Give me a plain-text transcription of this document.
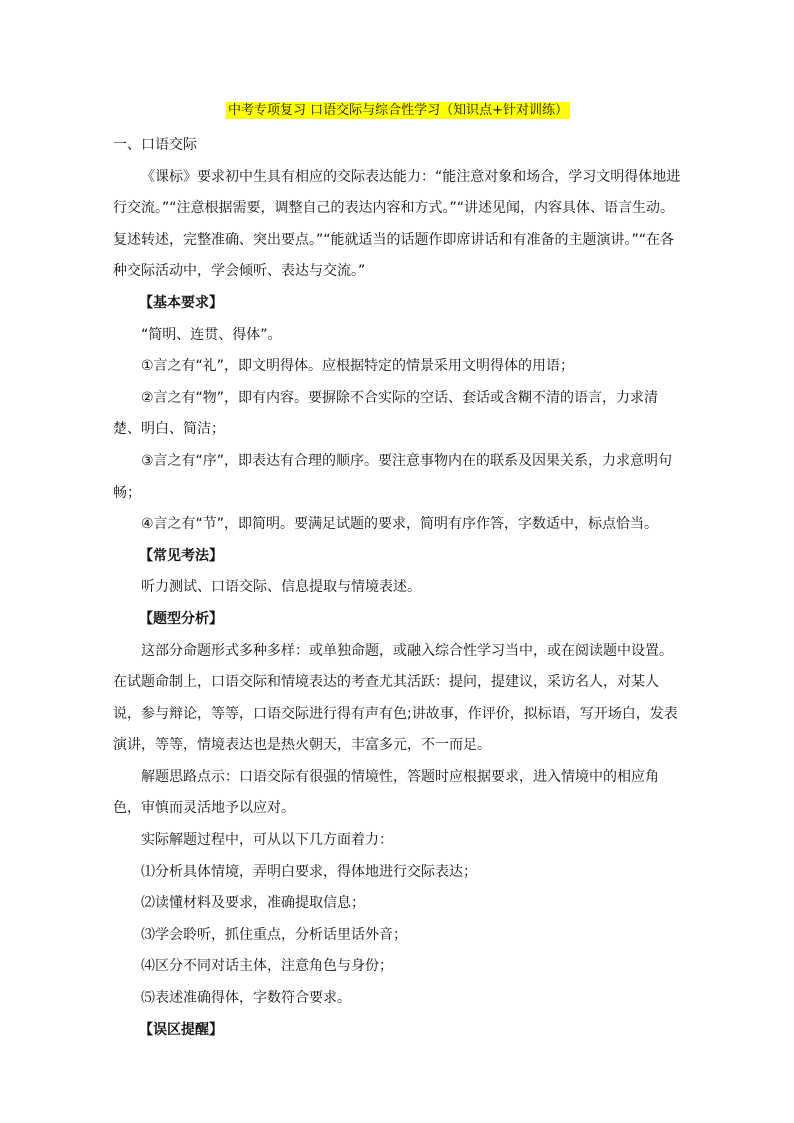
中考专项复习 口语交际与综合性学习（知识点+针对训练）

一、口语交际

《课标》要求初中生具有相应的交际表达能力：“能注意对象和场合，学习文明得体地进行交流。”“注意根据需要，调整自己的表达内容和方式。”“讲述见闻，内容具体、语言生动。复述转述，完整准确、突出要点。”“能就适当的话题作即席讲话和有准备的主题演讲。”“在各种交际活动中，学会倾听、表达与交流。”

【基本要求】

“简明、连贯、得体”。

①言之有“礼”，即文明得体。应根据特定的情景采用文明得体的用语；

②言之有“物”，即有内容。要摒除不合实际的空话、套话或含糊不清的语言，力求清楚、明白、简洁；

③言之有“序”，即表达有合理的顺序。要注意事物内在的联系及因果关系，力求意明句畅；

④言之有“节”，即简明。要满足试题的要求，简明有序作答，字数适中，标点恰当。

【常见考法】

听力测试、口语交际、信息提取与情境表述。

【题型分析】

这部分命题形式多种多样：或单独命题，或融入综合性学习当中，或在阅读题中设置。在试题命制上，口语交际和情境表达的考查尤其活跃：提问，提建议，采访名人，对某人说，参与辩论，等等，口语交际进行得有声有色;讲故事，作评价，拟标语，写开场白，发表演讲，等等，情境表达也是热火朝天，丰富多元，不一而足。

解题思路点示：口语交际有很强的情境性，答题时应根据要求，进入情境中的相应角色，审慎而灵活地予以应对。

实际解题过程中，可从以下几方面着力：

⑴分析具体情境，弄明白要求，得体地进行交际表达；

⑵读懂材料及要求，准确提取信息；

⑶学会聆听，抓住重点，分析话里话外音；

⑷区分不同对话主体，注意角色与身份；

⑸表述准确得体，字数符合要求。

【误区提醒】
